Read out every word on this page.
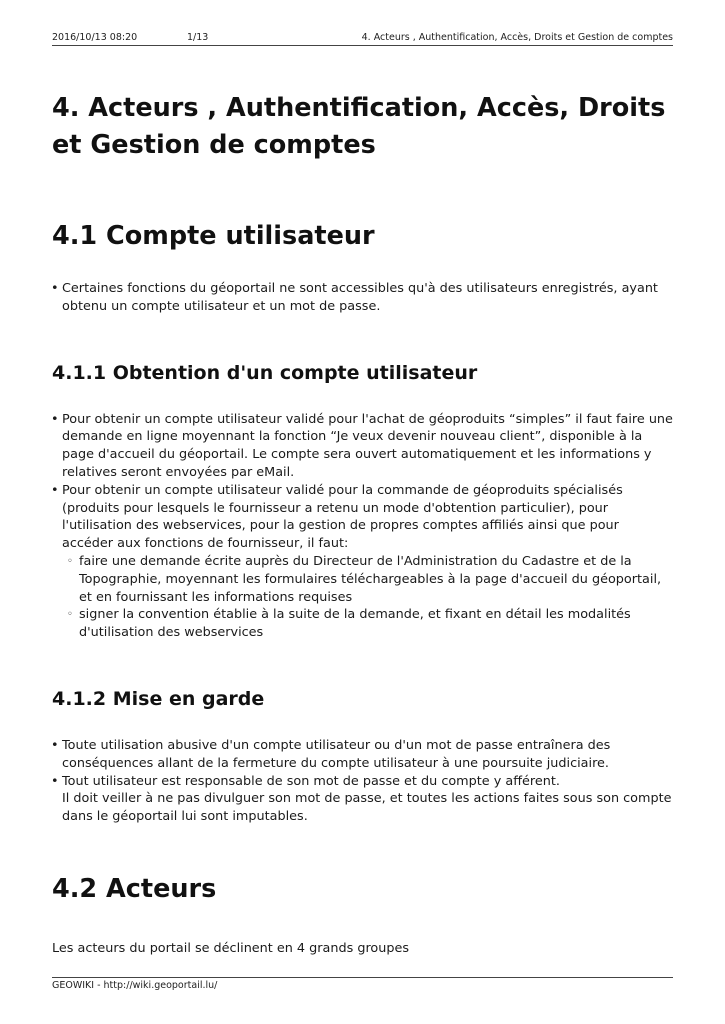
2016/10/13 08:20	1/13	4. Acteurs , Authentification, Accès, Droits et Gestion de comptes
4. Acteurs , Authentification, Accès, Droits et Gestion de comptes
4.1 Compte utilisateur
• Certaines fonctions du géoportail ne sont accessibles qu'à des utilisateurs enregistrés, ayant obtenu un compte utilisateur et un mot de passe.
4.1.1 Obtention d'un compte utilisateur
• Pour obtenir un compte utilisateur validé pour l'achat de géoproduits “simples” il faut faire une demande en ligne moyennant la fonction “Je veux devenir nouveau client”, disponible à la page d'accueil du géoportail. Le compte sera ouvert automatiquement et les informations y relatives seront envoyées par eMail.
• Pour obtenir un compte utilisateur validé pour la commande de géoproduits spécialisés (produits pour lesquels le fournisseur a retenu un mode d'obtention particulier), pour l'utilisation des webservices, pour la gestion de propres comptes affiliés ainsi que pour accéder aux fonctions de fournisseur, il faut:
◦ faire une demande écrite auprès du Directeur de l'Administration du Cadastre et de la Topographie, moyennant les formulaires téléchargeables à la page d'accueil du géoportail, et en fournissant les informations requises
◦ signer la convention établie à la suite de la demande, et fixant en détail les modalités d'utilisation des webservices
4.1.2 Mise en garde
• Toute utilisation abusive d'un compte utilisateur ou d'un mot de passe entraînera des conséquences allant de la fermeture du compte utilisateur à une poursuite judiciaire.
• Tout utilisateur est responsable de son mot de passe et du compte y afférent.
Il doit veiller à ne pas divulguer son mot de passe, et toutes les actions faites sous son compte dans le géoportail lui sont imputables.
4.2 Acteurs

Les acteurs du portail se déclinent en 4 grands groupes

GEOWIKI - http://wiki.geoportail.lu/
